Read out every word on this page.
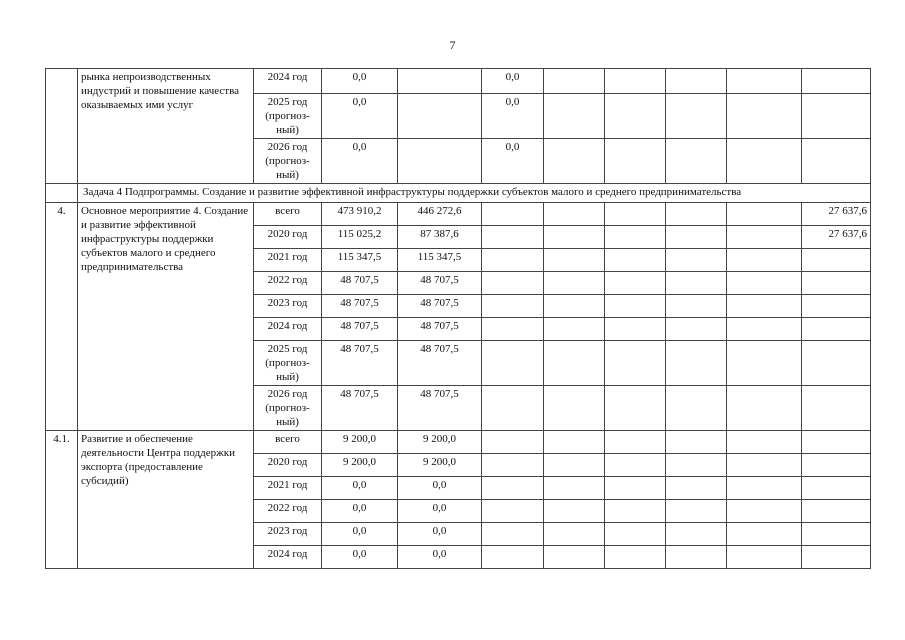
7
	рынка непроизводственных индустрий и повышение качества оказываемых ими услуг	2024 год	0,0		0,0					

		2025 год
(прогноз-
ный)	0,0		0,0					

		2026 год
(прогноз-
ный)	0,0		0,0					
	Задача 4 Подпрограммы. Создание и развитие эффективной инфраструктуры поддержки субъектов малого и среднего предпринимательства									
4.	Основное мероприятие 4. Создание и развитие эффективной инфраструктуры поддержки субъектов малого и среднего предпринимательства	всего	473 910,2	446 272,6						27 637,6
		2020 год	115 025,2	87 387,6						27 637,6
		2021 год	115 347,5	115 347,5						
		2022 год	48 707,5	48 707,5						
		2023 год	48 707,5	48 707,5						
		2024 год	48 707,5	48 707,5						

		2025 год
(прогноз-
ный)	48 707,5	48 707,5						

		2026 год
(прогноз-
ный)	48 707,5	48 707,5						
4.1.	Развитие и обеспечение деятельности Центра поддержки экспорта (предоставление субсидий)	всего	9 200,0	9 200,0						
		2020 год	9 200,0	9 200,0						
		2021 год	0,0	0,0						
		2022 год	0,0	0,0						
		2023 год	0,0	0,0						
		2024 год	0,0	0,0						
